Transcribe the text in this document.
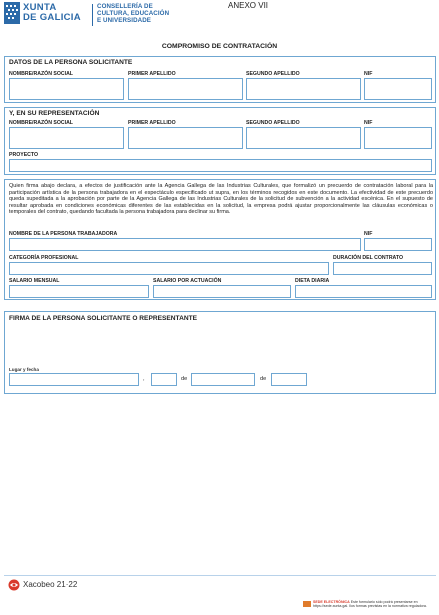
XUNTA
DE GALICIA
CONSELLERÍA DE
CULTURA, EDUCACIÓN
E UNIVERSIDADE
ANEXO VII
COMPROMISO DE CONTRATACIÓN
DATOS DE LA PERSONA SOLICITANTE
NOMBRE/RAZÓN SOCIAL	PRIMER APELLIDO	SEGUNDO APELLIDO	NIF
Y, EN SU REPRESENTACIÓN
NOMBRE/RAZÓN SOCIAL	PRIMER APELLIDO	SEGUNDO APELLIDO	NIF
PROYECTO
Quien firma abajo declara, a efectos de justificación ante la Agencia Gallega de las Industrias Culturales, que formalizó un precuerdo de contratación laboral para la participación artística de la persona trabajadora en el espectáculo especificado ut supra, en los términos recogidos en este documento. La efectividad de este precuerdo queda supeditada a la aprobación por parte de la Agencia Gallega de las Industrias Culturales de la solicitud de subvención a la actividad escénica. En el supuesto de resultar aprobada en condiciones económicas diferentes de las establecidas en la solicitud, la empresa podrá ajustar proporcionalmente las cláusulas económicas o temporales del contrato, quedando facultada la persona trabajadora para declinar su firma.
NOMBRE DE LA PERSONA TRABAJADORA	NIF
CATEGORÍA PROFESIONAL	DURACIÓN DEL CONTRATO
SALARIO MENSUAL	SALARIO POR ACTUACIÓN	DIETA DIARIA
FIRMA DE LA PERSONA SOLICITANTE O REPRESENTANTE
Lugar y fecha
,	de	de
Xacobeo 21·22
SEDE ELECTRÓNICA Este formulario sólo podrá presentarse en
https://sede.xunta.gal. Ilos formas previstas en la normativa reguladora.
